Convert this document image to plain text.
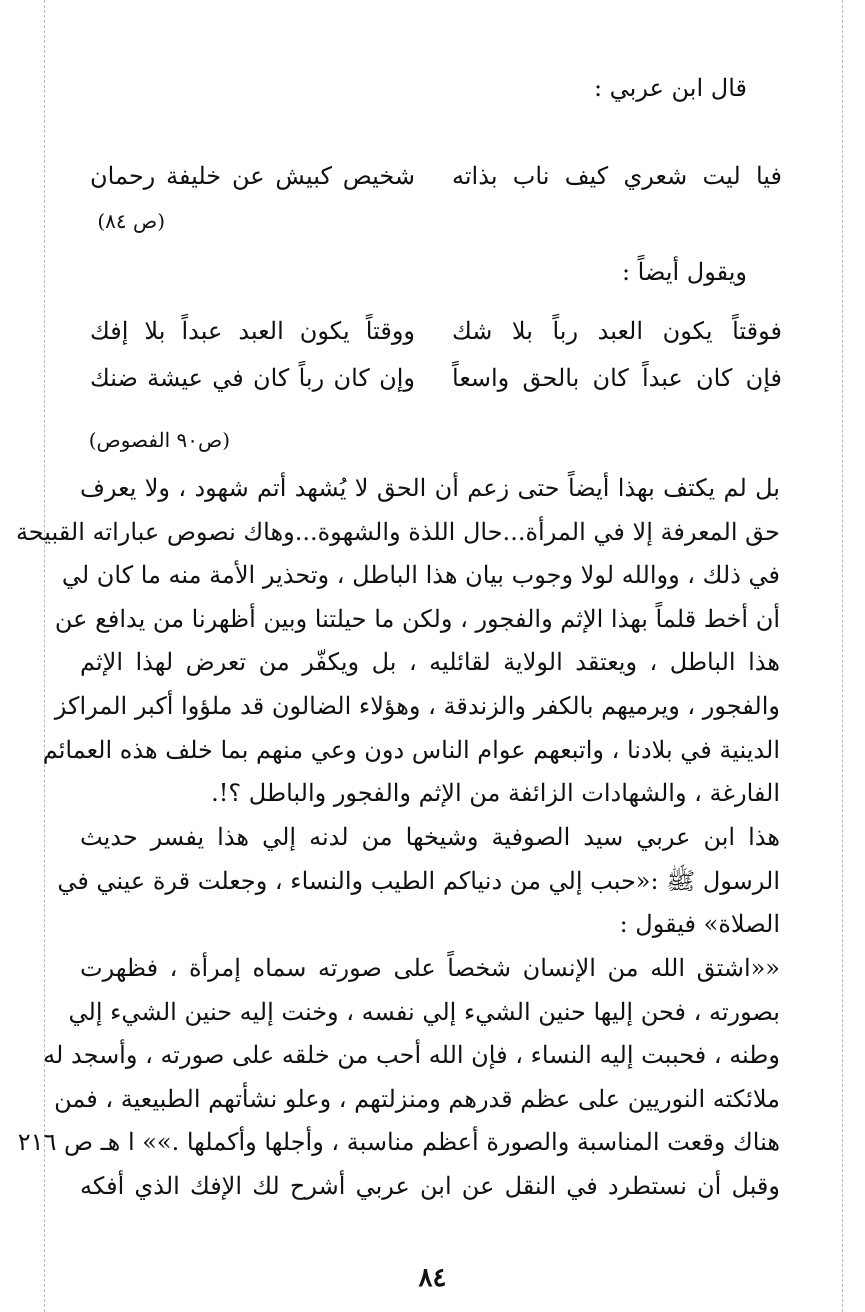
قال ابن عربي :
فيا ليت شعري كيف ناب بذاته
شخيص كبيش عن خليفة رحمان
(ص ٨٤)
ويقول أيضاً :
فوقتاً يكون العبد رباً بلا شك
ووقتاً يكون العبد عبداً بلا إفك
فإن كان عبداً كان بالحق واسعاً
وإن كان رباً كان في عيشة ضنك
(ص٩٠ الفصوص)
بل لم يكتف بهذا أيضاً حتى زعم أن الحق لا يُشهد أتم شهود ، ولا يعرف
حق المعرفة إلا في المرأة...حال اللذة والشهوة...وهاك نصوص عباراته القبيحة
في ذلك ، ووالله لولا وجوب بيان هذا الباطل ، وتحذير الأمة منه ما كان لي
أن أخط قلماً بهذا الإثم والفجور ، ولكن ما حيلتنا وبين أظهرنا من يدافع عن
هذا الباطل ، ويعتقد الولاية لقائليه ، بل ويكفّر من تعرض لهذا الإثم
والفجور ، ويرميهم بالكفر والزندقة ، وهؤلاء الضالون قد ملؤوا أكبر المراكز
الدينية في بلادنا ، واتبعهم عوام الناس دون وعي منهم بما خلف هذه العمائم
الفارغة ، والشهادات الزائفة من الإثم والفجور والباطل ؟!.
هذا ابن عربي سيد الصوفية وشيخها من لدنه إلي هذا يفسر حديث
الرسول ﷺ :«حبب إلي من دنياكم الطيب والنساء ، وجعلت قرة عيني في
الصلاة» فيقول :
««اشتق الله من الإنسان شخصاً على صورته سماه إمرأة ، فظهرت
بصورته ، فحن إليها حنين الشيء إلي نفسه ، وخنت إليه حنين الشيء إلي
وطنه ، فحببت إليه النساء ، فإن الله أحب من خلقه على صورته ، وأسجد له
ملائكته النوريين على عظم قدرهم ومنزلتهم ، وعلو نشأتهم الطبيعية ، فمن
هناك وقعت المناسبة والصورة أعظم مناسبة ، وأجلها وأكملها .»» ا هـ ص ٢١٦
وقبل أن نستطرد في النقل عن ابن عربي أشرح لك الإفك الذي أفكه
٨٤
